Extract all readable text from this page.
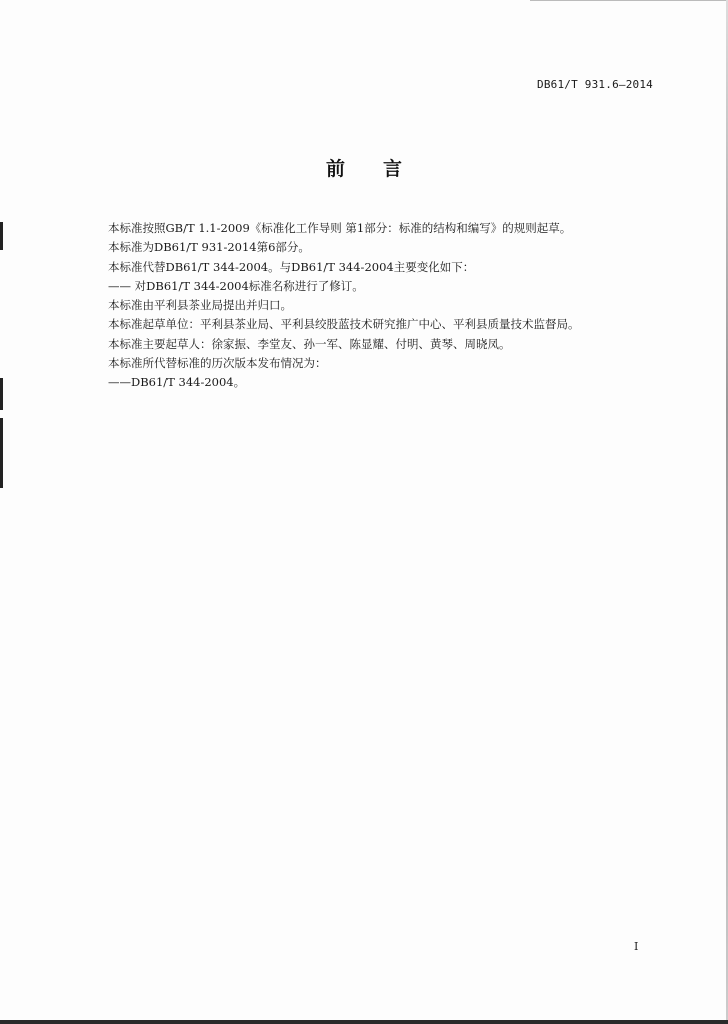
DB61/T 931.6—2014
前言
本标准按照GB/T 1.1-2009《标准化工作导则 第1部分：标准的结构和编写》的规则起草。
本标准为DB61/T 931-2014第6部分。
本标准代替DB61/T 344-2004。与DB61/T 344-2004主要变化如下：
—— 对DB61/T 344-2004标准名称进行了修订。
本标准由平利县茶业局提出并归口。
本标准起草单位：平利县茶业局、平利县绞股蓝技术研究推广中心、平利县质量技术监督局。
本标准主要起草人：徐家振、李堂友、孙一军、陈显耀、付明、黄琴、周晓凤。
本标准所代替标准的历次版本发布情况为：
——DB61/T 344-2004。
I
